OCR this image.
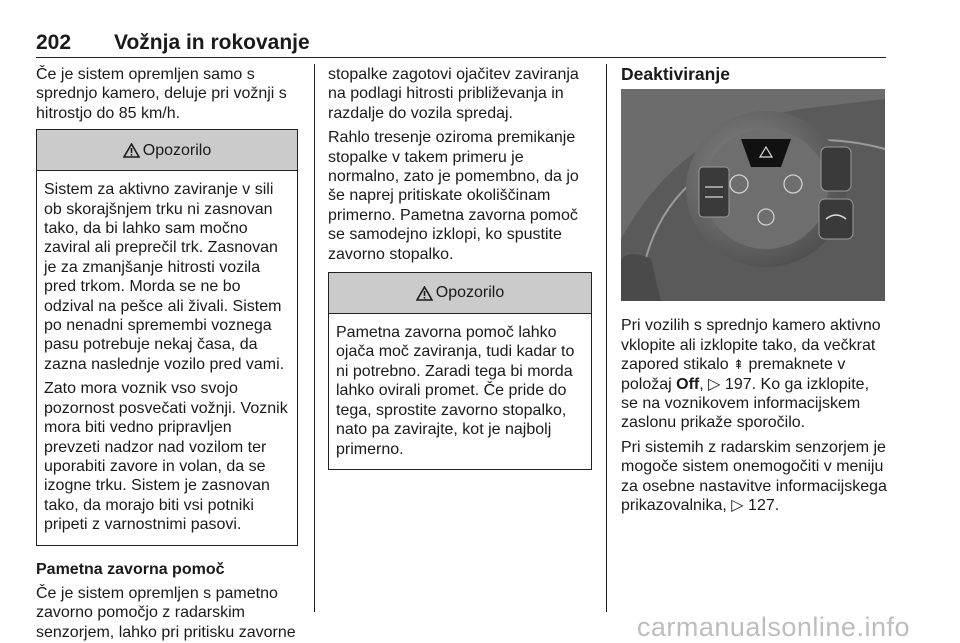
202 Vožnja in rokovanje

Če je sistem opremljen samo s sprednjo kamero, deluje pri vožnji s hitrostjo do 85 km/h.

Opozorilo

Sistem za aktivno zaviranje v sili ob skorajšnjem trku ni zasnovan tako, da bi lahko sam močno zaviral ali preprečil trk. Zasnovan je za zmanjšanje hitrosti vozila pred trkom. Morda se ne bo odzival na pešce ali živali. Sistem po nenadni spremembi voznega pasu potrebuje nekaj časa, da zazna naslednje vozilo pred vami.

Zato mora voznik vso svojo pozornost posvečati vožnji. Voznik mora biti vedno pripravljen prevzeti nadzor nad vozilom ter uporabiti zavore in volan, da se izogne trku. Sistem je zasnovan tako, da morajo biti vsi potniki pripeti z varnostnimi pasovi.

Pametna zavorna pomoč

Če je sistem opremljen s pametno zavorno pomočjo z radarskim senzorjem, lahko pri pritisku zavorne

stopalke zagotovi ojačitev zaviranja na podlagi hitrosti približevanja in razdalje do vozila spredaj.

Rahlo tresenje oziroma premikanje stopalke v takem primeru je normalno, zato je pomembno, da jo še naprej pritiskate okoliščinam primerno. Pametna zavorna pomoč se samodejno izklopi, ko spustite zavorno stopalko.

Opozorilo

Pametna zavorna pomoč lahko ojača moč zaviranja, tudi kadar to ni potrebno. Zaradi tega bi morda lahko ovirali promet. Če pride do tega, sprostite zavorno stopalko, nato pa zavirajte, kot je najbolj primerno.

Deaktiviranje

Pri vozilih s sprednjo kamero aktivno vklopite ali izklopite tako, da večkrat zapored stikalo ⇞ premaknete v položaj Off, ▷ 197. Ko ga izklopite, se na voznikovem informacijskem zaslonu prikaže sporočilo.

Pri sistemih z radarskim senzorjem je mogoče sistem onemogočiti v meniju za osebne nastavitve informacijskega prikazovalnika, ▷ 127.

carmanualsonline.info
